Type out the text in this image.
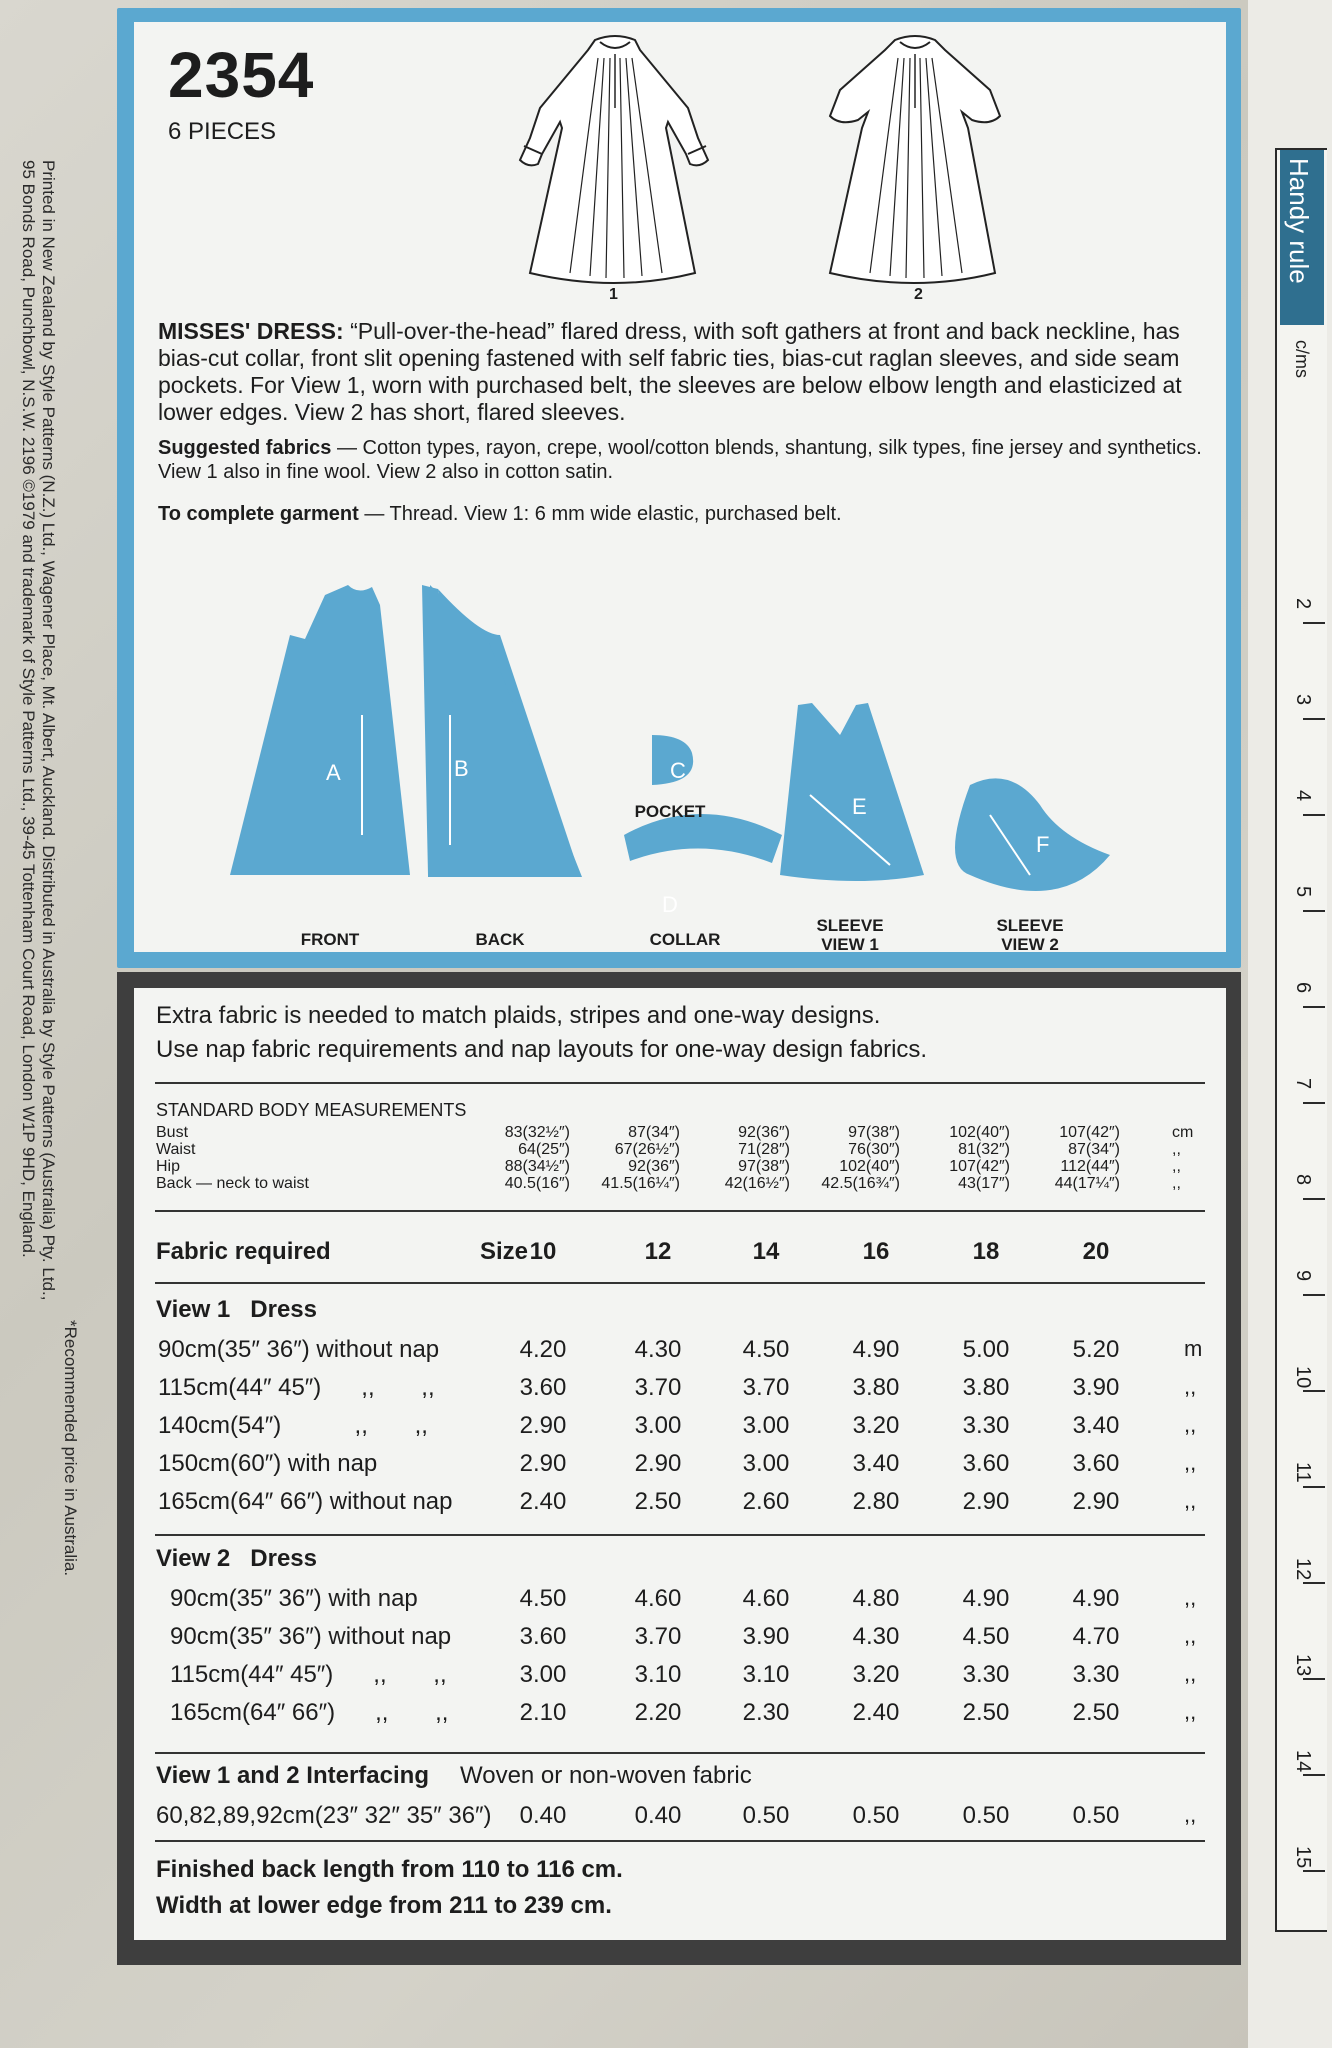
Printed in New Zealand by Style Patterns (N.Z.) Ltd., Wagener Place, Mt. Albert, Auckland. Distributed in Australia by Style Patterns (Australia) Pty. Ltd.,
95 Bonds Road, Punchbowl, N.S.W. 2196 ©1979 and trademark of Style Patterns Ltd., 39-45 Tottenham Court Road, London W1P 9HD, England.
*Recommended price in Australia.
Handy rule
c/ms
2
3
4
5
6
7
8
9
10
11
12
13
14
15
2354
6 PIECES
1	2
MISSES' DRESS: “Pull-over-the-head” flared dress, with soft gathers at front and back neckline, has bias-cut collar, front slit opening fastened with self fabric ties, bias-cut raglan sleeves, and side seam pockets. For View 1, worn with purchased belt, the sleeves are below elbow length and elasticized at lower edges. View 2 has short, flared sleeves.
Suggested fabrics — Cotton types, rayon, crepe, wool/cotton blends, shantung, silk types, fine jersey and synthetics. View 1 also in fine wool. View 2 also in cotton satin.
To complete garment — Thread. View 1: 6 mm wide elastic, purchased belt.
A	B	C
D
E
F
FRONT	BACK
POCKET
COLLAR
SLEEVE VIEW 1
SLEEVE VIEW 2
Extra fabric is needed to match plaids, stripes and one-way designs.
Use nap fabric requirements and nap layouts for one-way design fabrics.
STANDARD BODY MEASUREMENTS
Bust	83(32½″)	87(34″)	92(36″)	97(38″)	102(40″)	107(42″)	cm
Waist	64(25″)	67(26½″)	71(28″)	76(30″)	81(32″)	87(34″)	,,
Hip	88(34½″)	92(36″)	97(38″)	102(40″)	107(42″)	112(44″)	,,
Back — neck to waist	40.5(16″)	41.5(16¼″)	42(16½″)	42.5(16¾″)	43(17″)	44(17¼″)	,,
Fabric required	Size 10	12	14	16	18	20
View 1   Dress
90cm(35″ 36″) without nap	4.20	4.30	4.50	4.90	5.00	5.20	m
115cm(44″ 45″)      ,,       ,,	3.60	3.70	3.70	3.80	3.80	3.90	,,
140cm(54″)           ,,       ,,	2.90	3.00	3.00	3.20	3.30	3.40	,,
150cm(60″) with nap	2.90	2.90	3.00	3.40	3.60	3.60	,,
165cm(64″ 66″) without nap	2.40	2.50	2.60	2.80	2.90	2.90	,,
View 2   Dress
90cm(35″ 36″) with nap	4.50	4.60	4.60	4.80	4.90	4.90	,,
90cm(35″ 36″) without nap	3.60	3.70	3.90	4.30	4.50	4.70	,,
115cm(44″ 45″)      ,,       ,,	3.00	3.10	3.10	3.20	3.30	3.30	,,
165cm(64″ 66″)      ,,       ,,	2.10	2.20	2.30	2.40	2.50	2.50	,,
View 1 and 2 Interfacing Woven or non-woven fabric
60,82,89,92cm(23″ 32″ 35″ 36″)	0.40	0.40	0.50	0.50	0.50	0.50	,,
Finished back length from 110 to 116 cm.
Width at lower edge from 211 to 239 cm.
